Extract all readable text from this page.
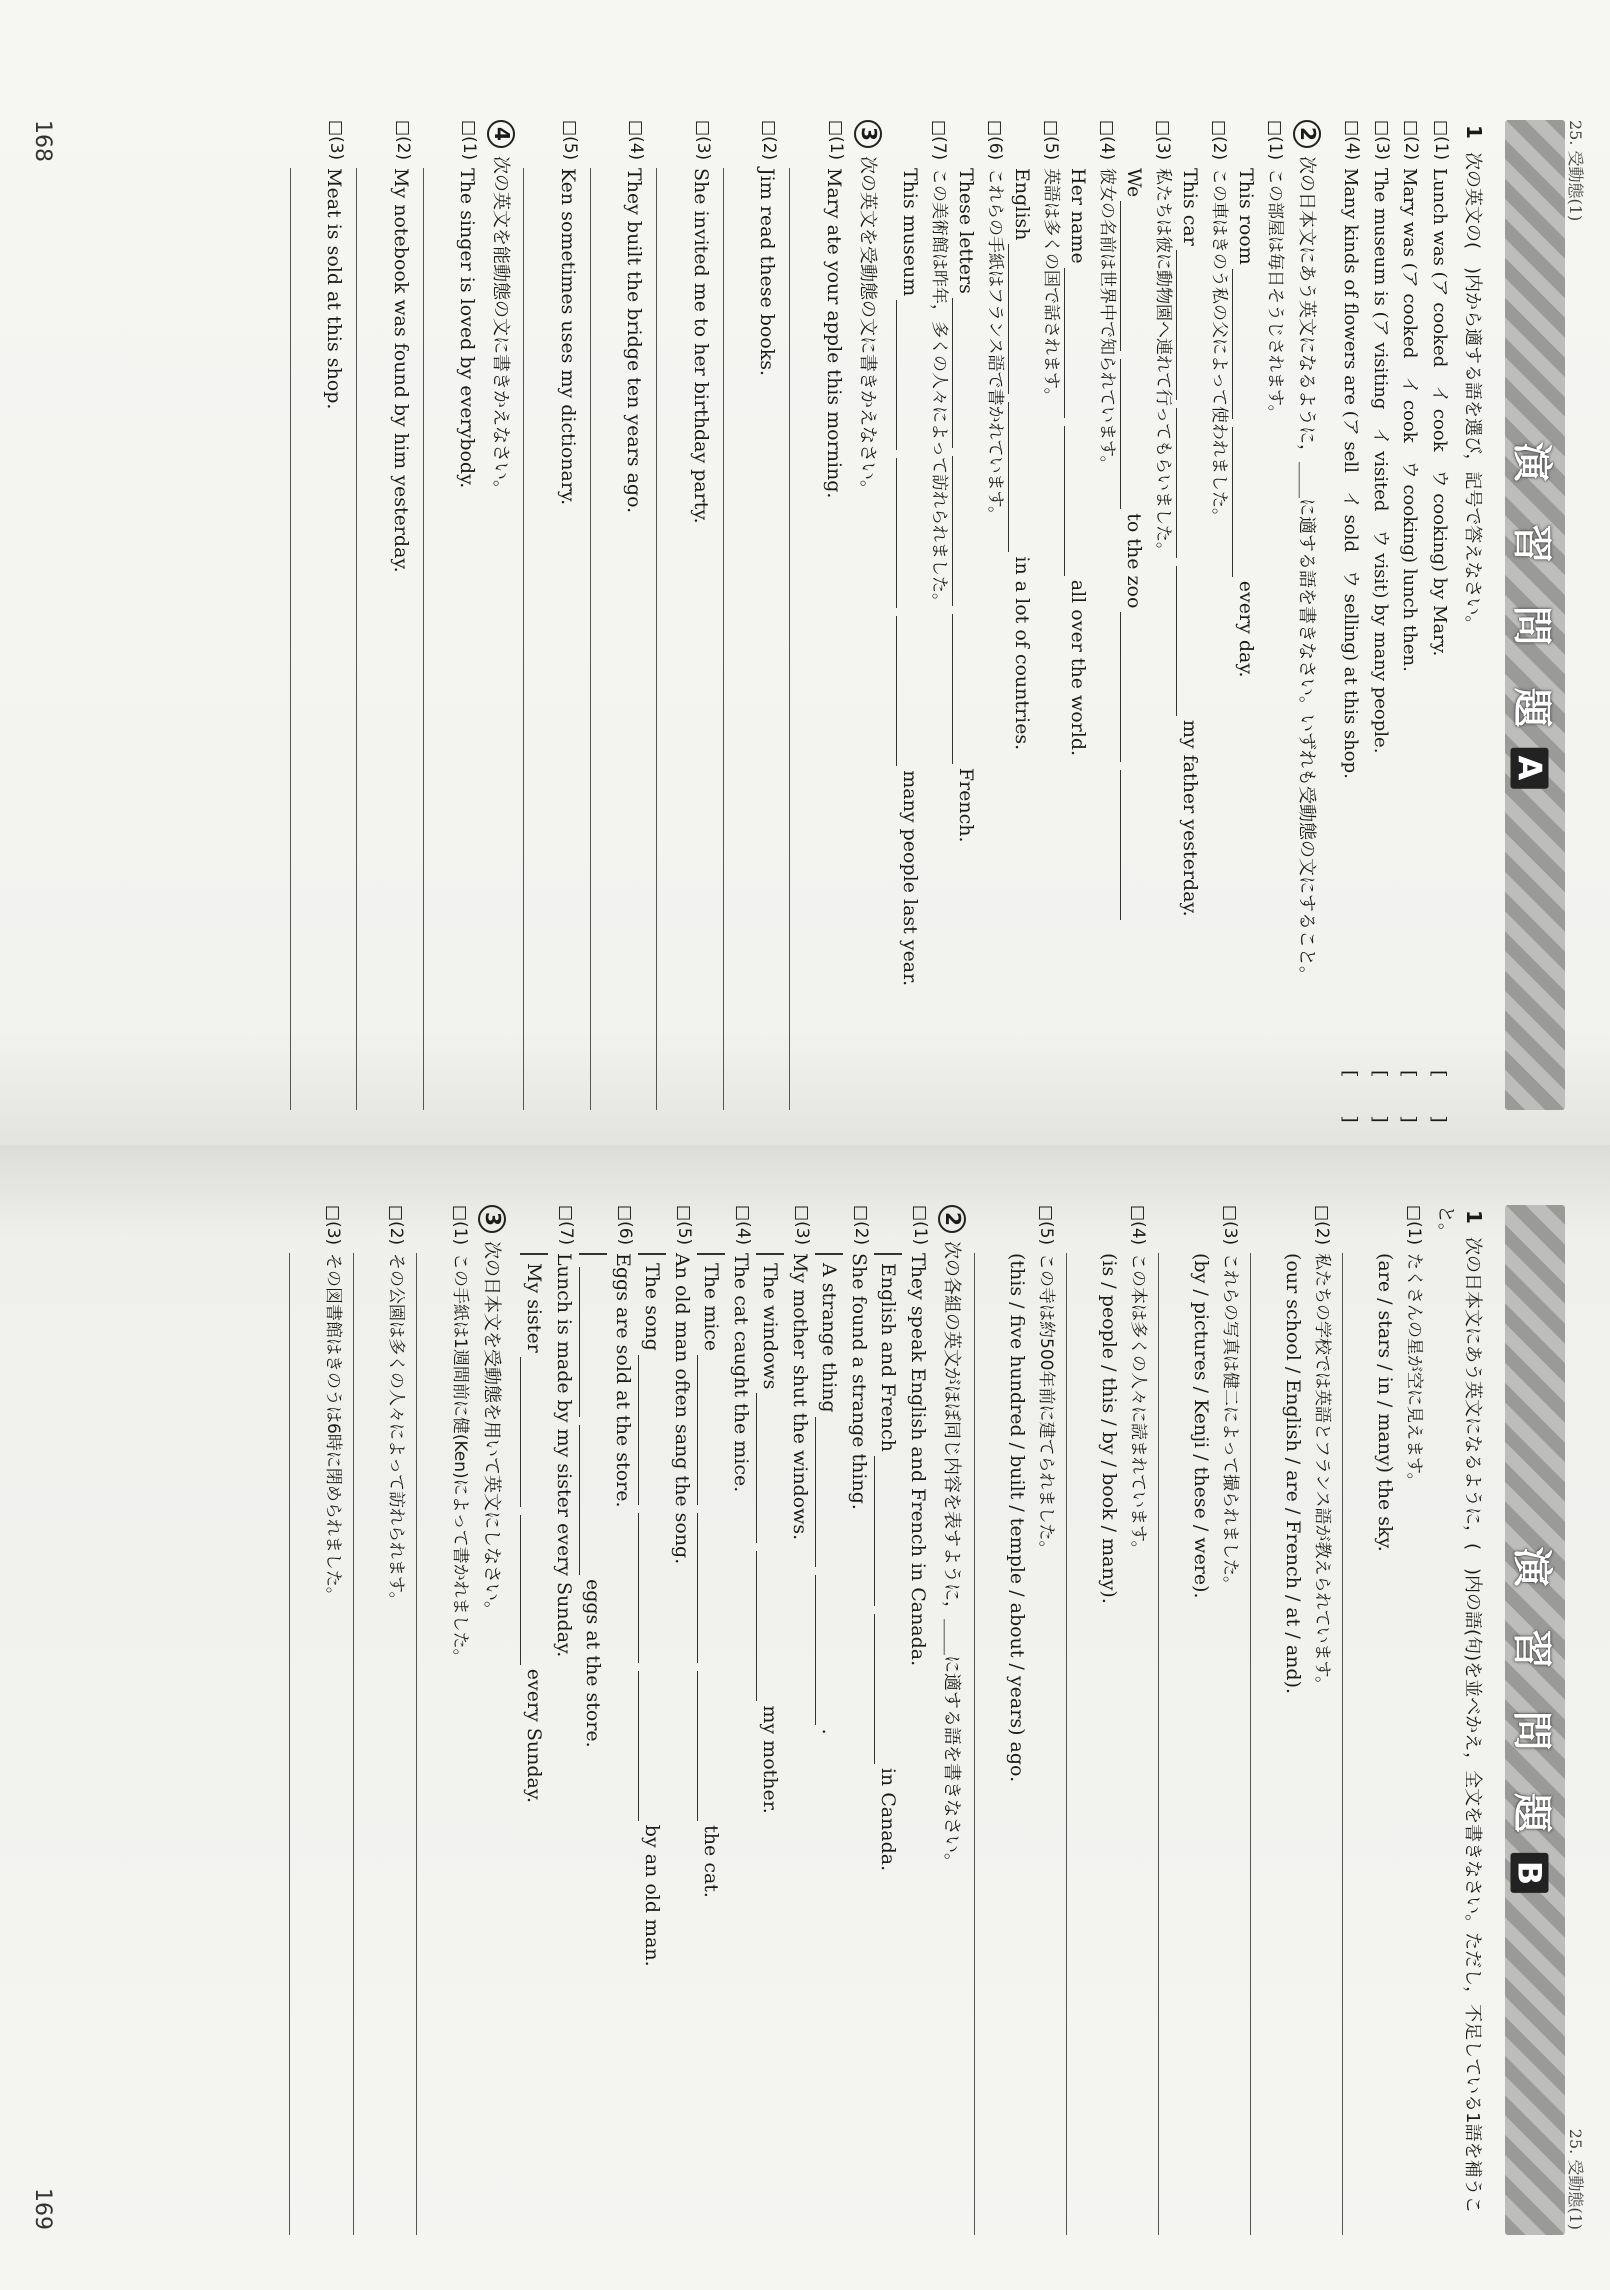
25. 受動態(1)
演 習 問 題A
1次の英文の(　)内から適する語を選び，記号で答えなさい。
□(1)
Lunch was (ア cooked　イ cook　ウ cooking) by Mary.
[　　]
□(2)
Mary was (ア cooked　イ cook　ウ cooking) lunch then.
[　　]
□(3)
The museum is (ア visiting　イ visited　ウ visit) by many people.
[　　]
□(4)
Many kinds of flowers are (ア sell　イ sold　ウ selling) at this shop.
[　　]
2次の日本文にあう英文になるように，＿＿に適する語を書きなさい。いずれも受動態の文にすること。
□(1)
この部屋は毎日そうじされます。
This roomevery day.
□(2)
この車はきのう私の父によって使われました。
This carmy father yesterday.
□(3)
私たちは彼に動物園へ連れて行ってもらいました。
Weto the zoo
□(4)
彼女の名前は世界中で知られています。
Her nameall over the world.
□(5)
英語は多くの国で話されます。
Englishin a lot of countries.
□(6)
これらの手紙はフランス語で書かれています。
These lettersFrench.
□(7)
この美術館は昨年，多くの人々によって訪れられました。
This museummany people last year.
3次の英文を受動態の文に書きかえなさい。
□(1)
Mary ate your apple this morning.
□(2)
Jim read these books.
□(3)
She invited me to her birthday party.
□(4)
They built the bridge ten years ago.
□(5)
Ken sometimes uses my dictionary.
4次の英文を能動態の文に書きかえなさい。
□(1)
The singer is loved by everybody.
□(2)
My notebook was found by him yesterday.
□(3)
Meat is sold at this shop.
168
25. 受動態(1)
演 習 問 題B
1次の日本文にあう英文になるように，(　)内の語(句)を並べかえ，全文を書きなさい。ただし，不足している1語を補うこと。
□(1)
たくさんの星が空に見えます。
(are / stars / in / many) the sky.
□(2)
私たちの学校では英語とフランス語が教えられています。
(our school / English / are / French / at / and).
□(3)
これらの写真は健二によって撮られました。
(by / pictures / Kenji / these / were).
□(4)
この本は多くの人々に読まれています。
(is / people / this / by / book / many).
□(5)
この寺は約500年前に建てられました。
(this / five hundred / built / temple / about / years) ago.
2次の各組の英文がほぼ同じ内容を表すように，＿＿に適する語を書きなさい。
□(1)
They speak English and French in Canada.
English and Frenchin Canada.
□(2)
She found a strange thing.
A strange thing.
□(3)
My mother shut the windows.
The windowsmy mother.
□(4)
The cat caught the mice.
The micethe cat.
□(5)
An old man often sang the song.
The songby an old man.
□(6)
Eggs are sold at the store.
eggs at the store.
□(7)
Lunch is made by my sister every Sunday.
My sisterevery Sunday.
3次の日本文を受動態を用いて英文にしなさい。
□(1)
この手紙は1週間前に健(Ken)によって書かれました。
□(2)
その公園は多くの人々によって訪れられます。
□(3)
その図書館はきのうは6時に閉められました。
169
